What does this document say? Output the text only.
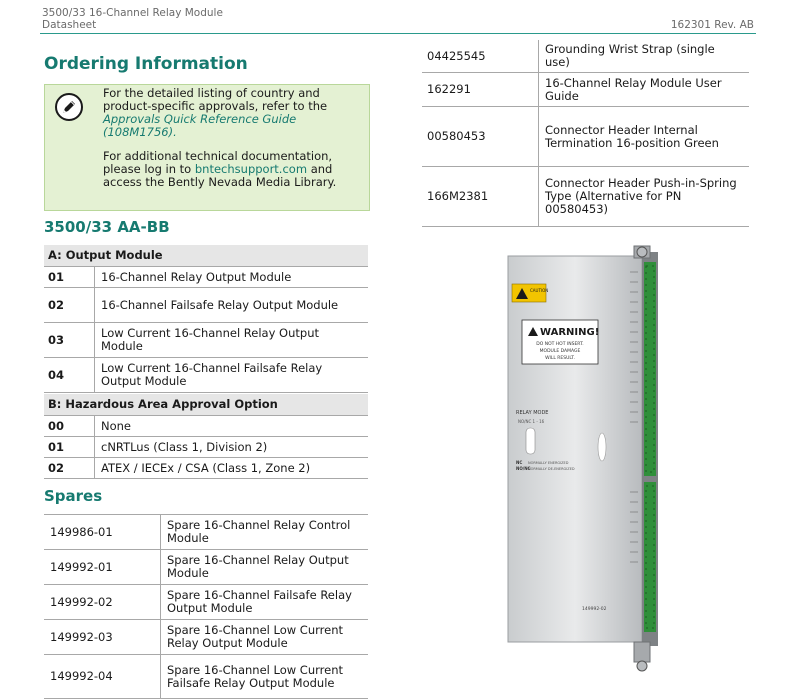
3500/33 16-Channel Relay Module
Datasheet	162301 Rev. AB
Ordering Information

For the detailed listing of country and product-specific approvals, refer to the Approvals Quick Reference Guide (108M1756).

For additional technical documentation, please log in to bntechsupport.com and access the Bently Nevada Media Library.

3500/33 AA-BB
A: Output Module	
01	16-Channel Relay Output Module
02	16-Channel Failsafe Relay Output Module
03	Low Current 16-Channel Relay Output Module
04	Low Current 16-Channel Failsafe Relay Output Module
B: Hazardous Area Approval Option	
00	None
01	cNRTLus (Class 1, Division 2)
02	ATEX / IECEx / CSA (Class 1, Zone 2)
Spares
149986-01	Spare 16-Channel Relay Control Module
149992-01	Spare 16-Channel Relay Output Module
149992-02	Spare 16-Channel Failsafe Relay Output Module
149992-03	Spare 16-Channel Low Current Relay Output Module
149992-04	Spare 16-Channel Low Current Failsafe Relay Output Module
04425545	Grounding Wrist Strap (single use)
162291	16-Channel Relay Module User Guide
00580453	Connector Header Internal Termination 16-position Green
166M2381	Connector Header Push-in-Spring Type (Alternative for PN 00580453)
CAUTION
WARNING!
DO NOT HOT INSERT.
MODULE DAMAGE
WILL RESULT.
RELAY MODE
NO/NC 1 - 16
NC NORMALLY ENERGIZED
NO/NC
NORMALLY DE-ENERGIZED
149992-02
